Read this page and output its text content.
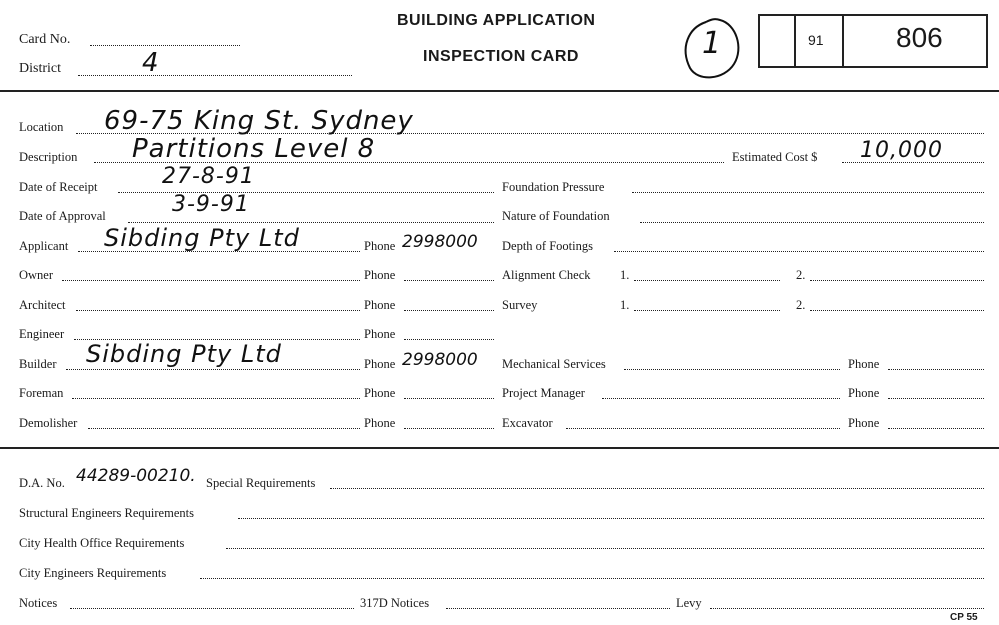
Card No.
District	4
BUILDING APPLICATION
INSPECTION CARD	1	91	806
Location 69-75 King St. Sydney
Description Partitions Level 8	Estimated Cost $ 10,000
Date of Receipt	27-8-91
Date of Approval	3-9-91
Applicant Sibding Pty Ltd	Phone 2998000
Owner	Phone
Architect	Phone
Engineer	Phone
Builder Sibding Pty Ltd	Phone 2998000
Foreman	Phone
Demolisher	Phone
Foundation Pressure
Nature of Foundation
Depth of Footings
Alignment Check 1.	2.
Survey	1.	2.
Mechanical Services	Phone
Project Manager	Phone
Excavator	Phone
D.A. No. 44289-00210. Special Requirements
Structural Engineers Requirements
City Health Office Requirements
City Engineers Requirements
Notices	317D Notices	Levy
CP 55
